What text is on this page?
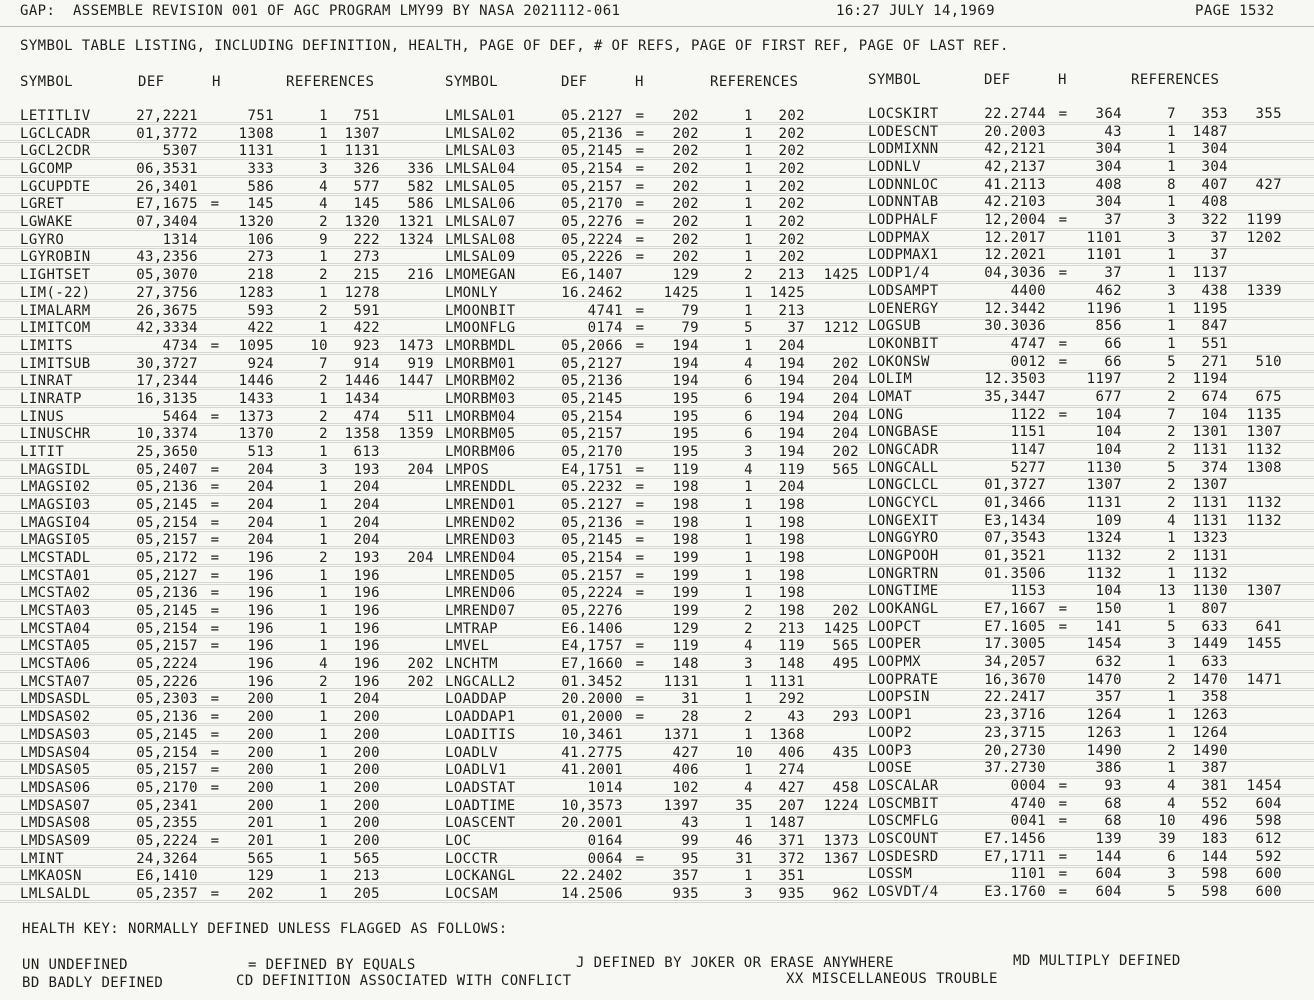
GAP:  ASSEMBLE REVISION 001 OF AGC PROGRAM LMY99 BY NASA 2021112-061	16:27 JULY 14,1969	PAGE 1532
SYMBOL TABLE LISTING, INCLUDING DEFINITION, HEALTH, PAGE OF DEF, # OF REFS, PAGE OF FIRST REF, PAGE OF LAST REF.
SYMBOL	DEF	H	REFERENCES	SYMBOL	DEF	H	REFERENCES	SYMBOL	DEF	H	REFERENCES
LETITLIV	27,2221	751	1	751
LGCLCADR	01,3772	1308	1	1307
LGCL2CDR	5307	1131	1	1131
LGCOMP	06,3531	333	3	326	336
LGCUPDTE	26,3401	586	4	577	582
LGRET	E7,1675 =	145	4	145	586
LGWAKE	07,3404	1320	2	1320	1321
LGYRO	1314	106	9	222	1324
LGYROBIN	43,2356	273	1	273
LIGHTSET	05,3070	218	2	215	216
LIM(-22)	27,3756	1283	1	1278
LIMALARM	26,3675	593	2	591
LIMITCOM	42,3334	422	1	422
LIMITS	4734 =	1095	10	923	1473
LIMITSUB	30,3727	924	7	914	919
LINRAT	17,2344	1446	2	1446	1447
LINRATP	16,3135	1433	1	1434
LINUS	5464 =	1373	2	474	511
LINUSCHR	10,3374	1370	2	1358	1359
LITIT	25,3650	513	1	613
LMAGSIDL	05,2407 =	204	3	193	204
LMAGSI02	05,2136 =	204	1	204
LMAGSI03	05,2145 =	204	1	204
LMAGSI04	05,2154 =	204	1	204
LMAGSI05	05,2157 =	204	1	204
LMCSTADL	05,2172 =	196	2	193	204
LMCSTA01	05,2127 =	196	1	196
LMCSTA02	05,2136 =	196	1	196
LMCSTA03	05,2145 =	196	1	196
LMCSTA04	05,2154 =	196	1	196
LMCSTA05	05,2157 =	196	1	196
LMCSTA06	05,2224	196	4	196	202
LMCSTA07	05,2226	196	2	196	202
LMDSASDL	05,2303 =	200	1	204
LMDSAS02	05,2136 =	200	1	200
LMDSAS03	05,2145 =	200	1	200
LMDSAS04	05,2154 =	200	1	200
LMDSAS05	05,2157 =	200	1	200
LMDSAS06	05,2170 =	200	1	200
LMDSAS07	05,2341	200	1	200
LMDSAS08	05,2355	201	1	200
LMDSAS09	05,2224 =	201	1	200
LMINT	24,3264	565	1	565
LMKAOSN	E6,1410	129	1	213
LMLSALDL	05,2357 =	202	1	205
LMLSAL01	05.2127 =	202	1	202
LMLSAL02	05,2136 =	202	1	202
LMLSAL03	05,2145 =	202	1	202
LMLSAL04	05,2154 =	202	1	202
LMLSAL05	05,2157 =	202	1	202
LMLSAL06	05,2170 =	202	1	202
LMLSAL07	05,2276 =	202	1	202
LMLSAL08	05,2224 =	202	1	202
LMLSAL09	05,2226 =	202	1	202
LMOMEGAN	E6,1407	129	2	213	1425
LMONLY	16.2462	1425	1	1425
LMOONBIT	4741 =	79	1	213
LMOONFLG	0174 =	79	5	37	1212
LMORBMDL	05,2066 =	194	1	204
LMORBM01	05,2127	194	4	194	202
LMORBM02	05,2136	194	6	194	204
LMORBM03	05,2145	195	6	194	204
LMORBM04	05,2154	195	6	194	204
LMORBM05	05,2157	195	6	194	204
LMORBM06	05,2170	195	3	194	202
LMPOS	E4,1751 =	119	4	119	565
LMRENDDL	05.2232 =	198	1	204
LMREND01	05.2127 =	198	1	198
LMREND02	05,2136 =	198	1	198
LMREND03	05,2145 =	198	1	198
LMREND04	05,2154 =	199	1	198
LMREND05	05.2157 =	199	1	198
LMREND06	05,2224 =	199	1	198
LMREND07	05,2276	199	2	198	202
LMTRAP	E6.1406	129	2	213	1425
LMVEL	E4,1757 =	119	4	119	565
LNCHTM	E7,1660 =	148	3	148	495
LNGCALL2	01.3452	1131	1	1131
LOADDAP	20.2000 =	31	1	292
LOADDAP1	01,2000 =	28	2	43	293
LOADITIS	10,3461	1371	1	1368
LOADLV	41.2775	427	10	406	435
LOADLV1	41.2001	406	1	274
LOADSTAT	1014	102	4	427	458
LOADTIME	10,3573	1397	35	207	1224
LOASCENT	20.2001	43	1	1487
LOC	0164	99	46	371	1373
LOCCTR	0064 =	95	31	372	1367
LOCKANGL	22.2402	357	1	351
LOCSAM	14.2506	935	3	935	962
LOCSKIRT	22.2744 =	364	7	353	355
LODESCNT	20.2003	43	1	1487
LODMIXNN	42,2121	304	1	304
LODNLV	42,2137	304	1	304
LODNNLOC	41.2113	408	8	407	427
LODNNTAB	42.2103	304	1	408
LODPHALF	12,2004 =	37	3	322	1199
LODPMAX	12.2017	1101	3	37	1202
LODPMAX1	12.2021	1101	1	37
LODP1/4	04,3036 =	37	1	1137
LODSAMPT	4400	462	3	438	1339
LOENERGY	12.3442	1196	1	1195
LOGSUB	30.3036	856	1	847
LOKONBIT	4747 =	66	1	551
LOKONSW	0012 =	66	5	271	510
LOLIM	12.3503	1197	2	1194
LOMAT	35,3447	677	2	674	675
LONG	1122 =	104	7	104	1135
LONGBASE	1151	104	2	1301	1307
LONGCADR	1147	104	2	1131	1132
LONGCALL	5277	1130	5	374	1308
LONGCLCL	01,3727	1307	2	1307
LONGCYCL	01,3466	1131	2	1131	1132
LONGEXIT	E3,1434	109	4	1131	1132
LONGGYRO	07,3543	1324	1	1323
LONGPOOH	01,3521	1132	2	1131
LONGRTRN	01.3506	1132	1	1132
LONGTIME	1153	104	13	1130	1307
LOOKANGL	E7,1667 =	150	1	807
LOOPCT	E7.1605 =	141	5	633	641
LOOPER	17.3005	1454	3	1449	1455
LOOPMX	34,2057	632	1	633
LOOPRATE	16,3670	1470	2	1470	1471
LOOPSIN	22.2417	357	1	358
LOOP1	23,3716	1264	1	1263
LOOP2	23,3715	1263	1	1264
LOOP3	20,2730	1490	2	1490
LOOSE	37.2730	386	1	387
LOSCALAR	0004 =	93	4	381	1454
LOSCMBIT	4740 =	68	4	552	604
LOSCMFLG	0041 =	68	10	496	598
LOSCOUNT	E7.1456	139	39	183	612
LOSDESRD	E7,1711 =	144	6	144	592
LOSSM	1101 =	604	3	598	600
LOSVDT/4	E3.1760 =	604	5	598	600
HEALTH KEY: NORMALLY DEFINED UNLESS FLAGGED AS FOLLOWS:
UN UNDEFINED	= DEFINED BY EQUALS	J DEFINED BY JOKER OR ERASE ANYWHERE	MD MULTIPLY DEFINED
BD BADLY DEFINED	CD DEFINITION ASSOCIATED WITH CONFLICT	XX MISCELLANEOUS TROUBLE
